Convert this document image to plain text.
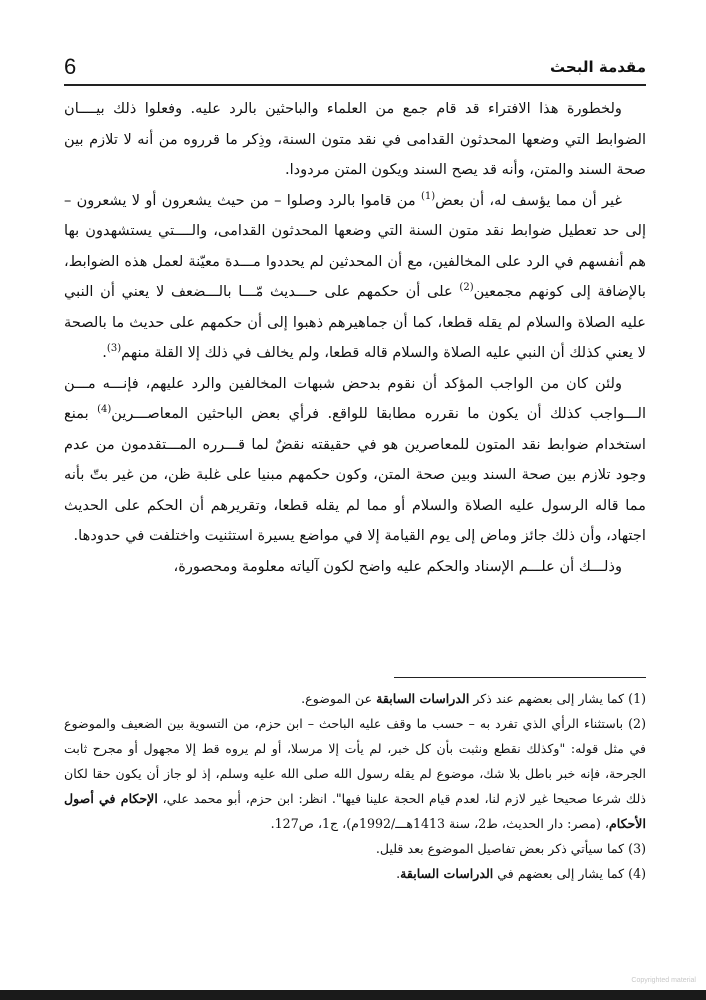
6	مقدمة البحث

ولخطورة هذا الافتراء قد قام جمع من العلماء والباحثين بالرد عليه. وفعلوا ذلك بيــــان الضوابط التي وضعها المحدثون القدامى في نقد متون السنة، وذِكر ما قرروه من أنه لا تلازم بين صحة السند والمتن، وأنه قد يصح السند ويكون المتن مردودا.

غير أن مما يؤسف له، أن بعض$^{(1)}$ من قاموا بالرد وصلوا – من حيث يشعرون أو لا يشعرون – إلى حد تعطيل ضوابط نقد متون السنة التي وضعها المحدثون القدامى، والــــتي يستشهدون بها هم أنفسهم في الرد على المخالفين، مع أن المحدثين لم يحددوا مـــدة معيّنة لعمل هذه الضوابط، بالإضافة إلى كونهم مجمعين$^{(2)}$ على أن حكمهم على حـــديث مّـــا بالـــضعف لا يعني أن النبي عليه الصلاة والسلام لم يقله قطعا، كما أن جماهيرهم ذهبوا إلى أن حكمهم على حديث ما بالصحة لا يعني كذلك أن النبي عليه الصلاة والسلام قاله قطعا، ولم يخالف في ذلك إلا القلة منهم$^{(3)}$.

ولئن كان من الواجب المؤكد أن نقوم بدحض شبهات المخالفين والرد عليهم، فإنـــه مـــن الـــواجب كذلك أن يكون ما نقرره مطابقا للواقع. فرأي بعض الباحثين المعاصـــرين$^{(4)}$ بمنع استخدام ضوابط نقد المتون للمعاصرين هو في حقيقته نقضٌ لما قـــرره المـــتقدمون من عدم وجود تلازم بين صحة السند وبين صحة المتن، وكون حكمهم مبنيا على غلبة ظن، من غير بتّ بأنه مما قاله الرسول عليه الصلاة والسلام أو مما لم يقله قطعا، وتقريرهم أن الحكم على الحديث اجتهاد، وأن ذلك جائز وماض إلى يوم القيامة إلا في مواضع يسيرة استثنيت واختلفت في حدودها.

وذلـــك أن علـــم الإسناد والحكم عليه واضح لكون آلياته معلومة ومحصورة،

(1) كما يشار إلى بعضهم عند ذكر الدراسات السابقة عن الموضوع.

(2) باستثناء الرأي الذي تفرد به – حسب ما وقف عليه الباحث – ابن حزم، من التسوية بين الضعيف والموضوع في مثل قوله: "وكذلك نقطع ونثبت بأن كل خبر، لم يأت إلا مرسلا، أو لم يروه قط إلا مجهول أو مجرح ثابت الجرحة، فإنه خبر باطل بلا شك، موضوع لم يقله رسول الله صلى الله عليه وسلم، إذ لو جاز أن يكون حقا لكان ذلك شرعا صحيحا غير لازم لنا، لعدم قيام الحجة علينا فيها". انظر: ابن حزم، أبو محمد علي، الإحكام في أصول الأحكام، (مصر: دار الحديث، ط2، سنة 1413هـــ/1992م)، ج1، ص127.

(3) كما سيأتي ذكر بعض تفاصيل الموضوع بعد قليل.

(4) كما يشار إلى بعضهم في الدراسات السابقة.

Copyrighted material
